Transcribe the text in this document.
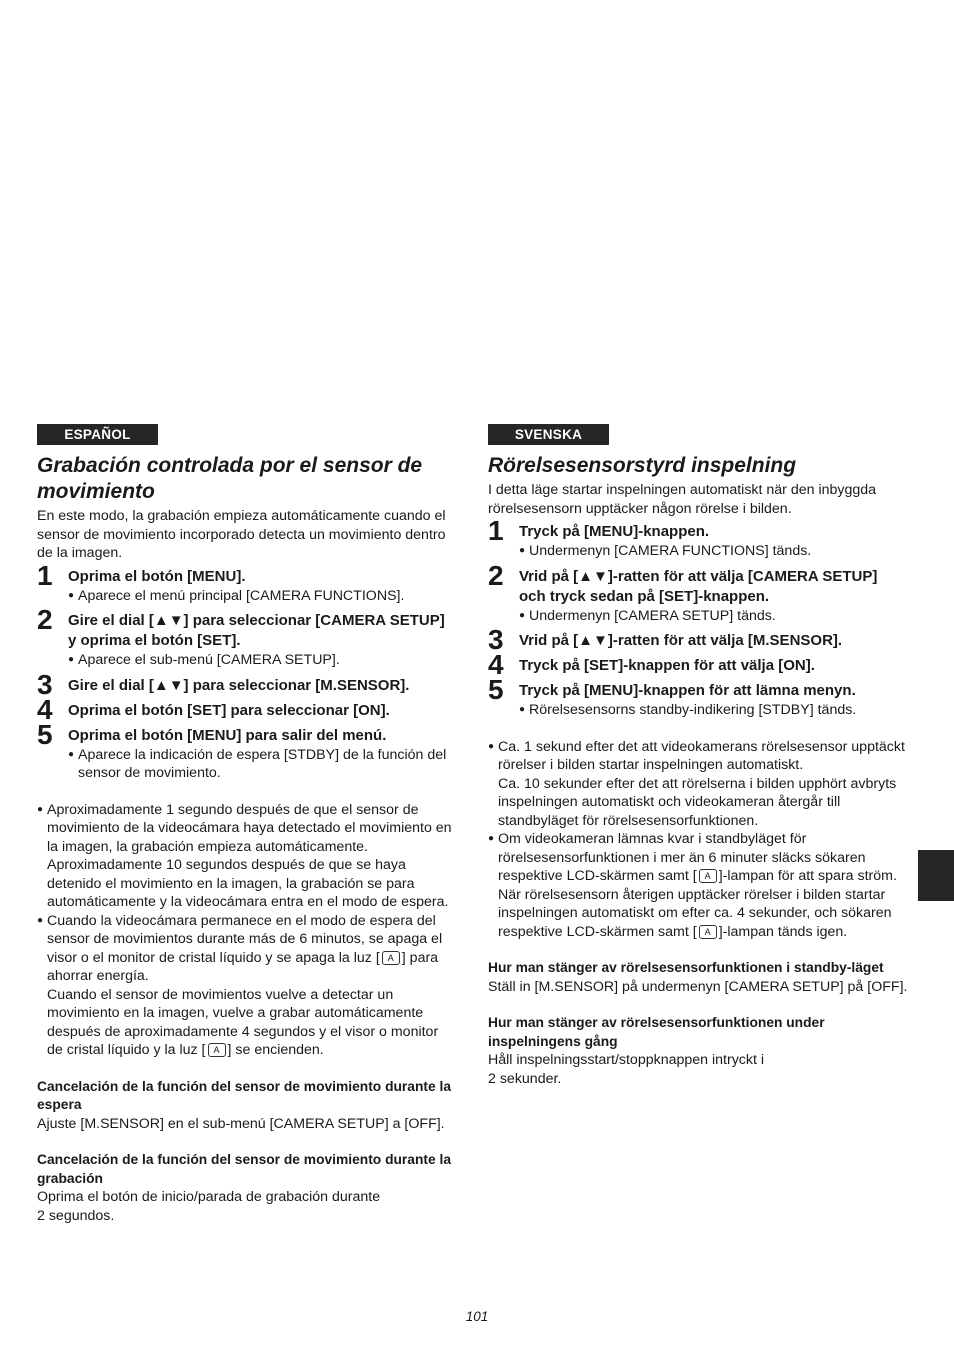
ESPAÑOL
Grabación controlada por el sensor de movimiento

En este modo, la grabación empieza automáticamente cuando el sensor de movimiento incorporado detecta un movimiento dentro de la imagen.

1 Oprima el botón [MENU].
● Aparece el menú principal [CAMERA FUNCTIONS].
2 Gire el dial [▲▼] para seleccionar [CAMERA SETUP] y oprima el botón [SET].
● Aparece el sub-menú [CAMERA SETUP].
3 Gire el dial [▲▼] para seleccionar [M.SENSOR].
4 Oprima el botón [SET] para seleccionar [ON].
5 Oprima el botón [MENU] para salir del menú.
● Aparece la indicación de espera [STDBY] de la función del sensor de movimiento.
● Aproximadamente 1 segundo después de que el sensor de movimiento de la videocámara haya detectado el movimiento en la imagen, la grabación empieza automáticamente.
Aproximadamente 10 segundos después de que se haya detenido el movimiento en la imagen, la grabación se para automáticamente y la videocámara entra en el modo de espera.
● Cuando la videocámara permanece en el modo de espera del sensor de movimientos durante más de 6 minutos, se apaga el visor o el monitor de cristal líquido y se apaga la luz [ A ] para ahorrar energía.
Cuando el sensor de movimientos vuelve a detectar un movimiento en la imagen, vuelve a grabar automáticamente después de aproximadamente 4 segundos y el visor o monitor de cristal líquido y la luz [ A ] se encienden.
Cancelación de la función del sensor de movimiento durante la espera
Ajuste [M.SENSOR] en el sub-menú [CAMERA SETUP] a [OFF].
Cancelación de la función del sensor de movimiento durante la grabación
Oprima el botón de inicio/parada de grabación durante
2 segundos.
SVENSKA
Rörelsesensorstyrd inspelning

I detta läge startar inspelningen automatiskt när den inbyggda rörelsesensorn upptäcker någon rörelse i bilden.

1 Tryck på [MENU]-knappen.
● Undermenyn [CAMERA FUNCTIONS] tänds.
2 Vrid på [▲▼]-ratten för att välja [CAMERA SETUP] och tryck sedan på [SET]-knappen.
● Undermenyn [CAMERA SETUP] tänds.
3 Vrid på [▲▼]-ratten för att välja [M.SENSOR].
4 Tryck på [SET]-knappen för att välja [ON].
5 Tryck på [MENU]-knappen för att lämna menyn.
● Rörelsesensorns standby-indikering [STDBY] tänds.
● Ca. 1 sekund efter det att videokamerans rörelsesensor upptäckt rörelser i bilden startar inspelningen automatiskt.
Ca. 10 sekunder efter det att rörelserna i bilden upphört avbryts inspelningen automatiskt och videokameran återgår till standbyläget för rörelsesensorfunktionen.
● Om videokameran lämnas kvar i standbyläget för rörelsesensorfunktionen i mer än 6 minuter släcks sökaren respektive LCD-skärmen samt [ A ]-lampan för att spara ström.
När rörelsesensorn återigen upptäcker rörelser i bilden startar inspelningen automatiskt om efter ca. 4 sekunder, och sökaren respektive LCD-skärmen samt [ A ]-lampan tänds igen.
Hur man stänger av rörelsesensorfunktionen i standby-läget
Ställ in [M.SENSOR] på undermenyn [CAMERA SETUP] på [OFF].
Hur man stänger av rörelsesensorfunktionen under inspelningens gång
Håll inspelningsstart/stoppknappen intryckt i
2 sekunder.
101
